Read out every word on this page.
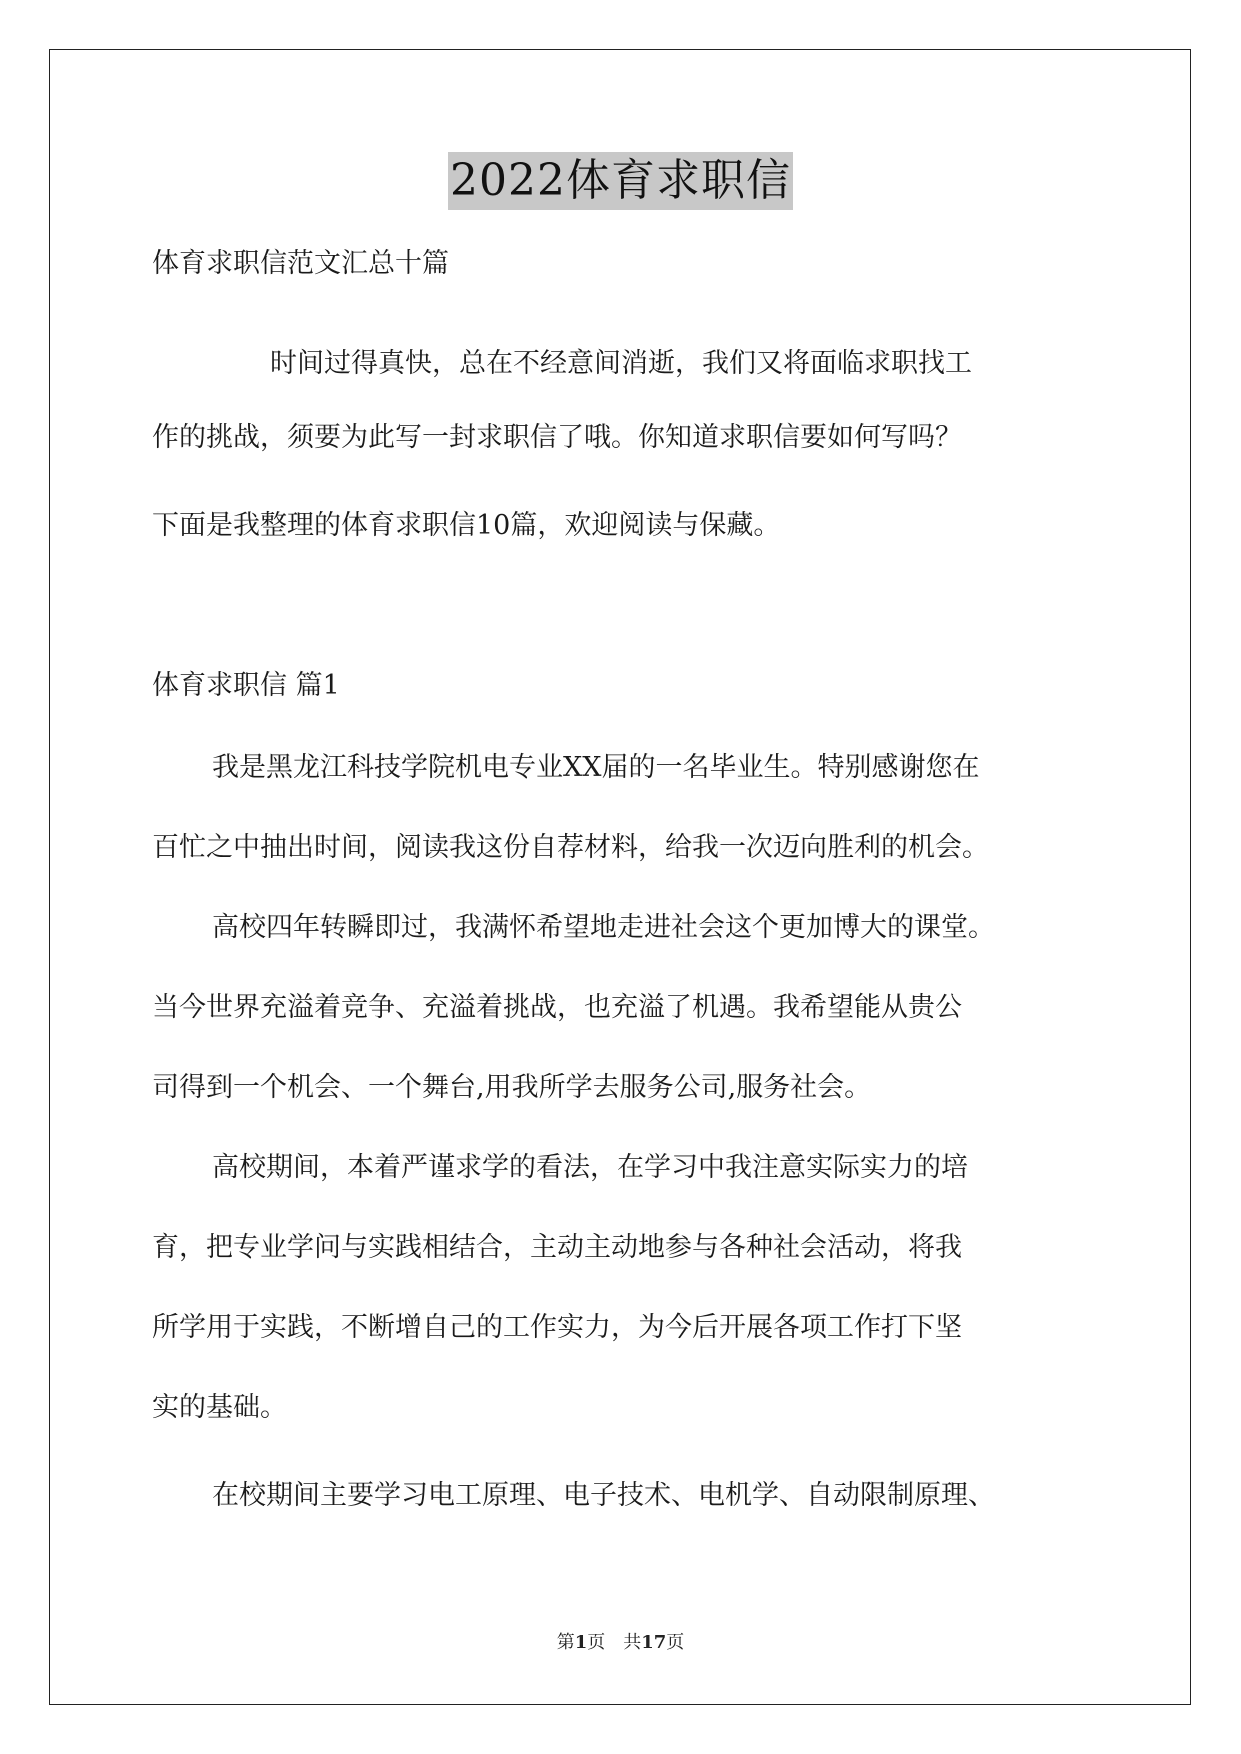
2022体育求职信
体育求职信范文汇总十篇
时间过得真快，总在不经意间消逝，我们又将面临求职找工
作的挑战，须要为此写一封求职信了哦。你知道求职信要如何写吗？
下面是我整理的体育求职信10篇，欢迎阅读与保藏。
体育求职信 篇1
我是黑龙江科技学院机电专业XX届的一名毕业生。特别感谢您在
百忙之中抽出时间，阅读我这份自荐材料，给我一次迈向胜利的机会。
高校四年转瞬即过，我满怀希望地走进社会这个更加博大的课堂。
当今世界充溢着竞争、充溢着挑战，也充溢了机遇。我希望能从贵公
司得到一个机会、一个舞台,用我所学去服务公司,服务社会。
高校期间，本着严谨求学的看法，在学习中我注意实际实力的培
育，把专业学问与实践相结合，主动主动地参与各种社会活动，将我
所学用于实践，不断增自己的工作实力，为今后开展各项工作打下坚
实的基础。
在校期间主要学习电工原理、电子技术、电机学、自动限制原理、
第1页　共17页
